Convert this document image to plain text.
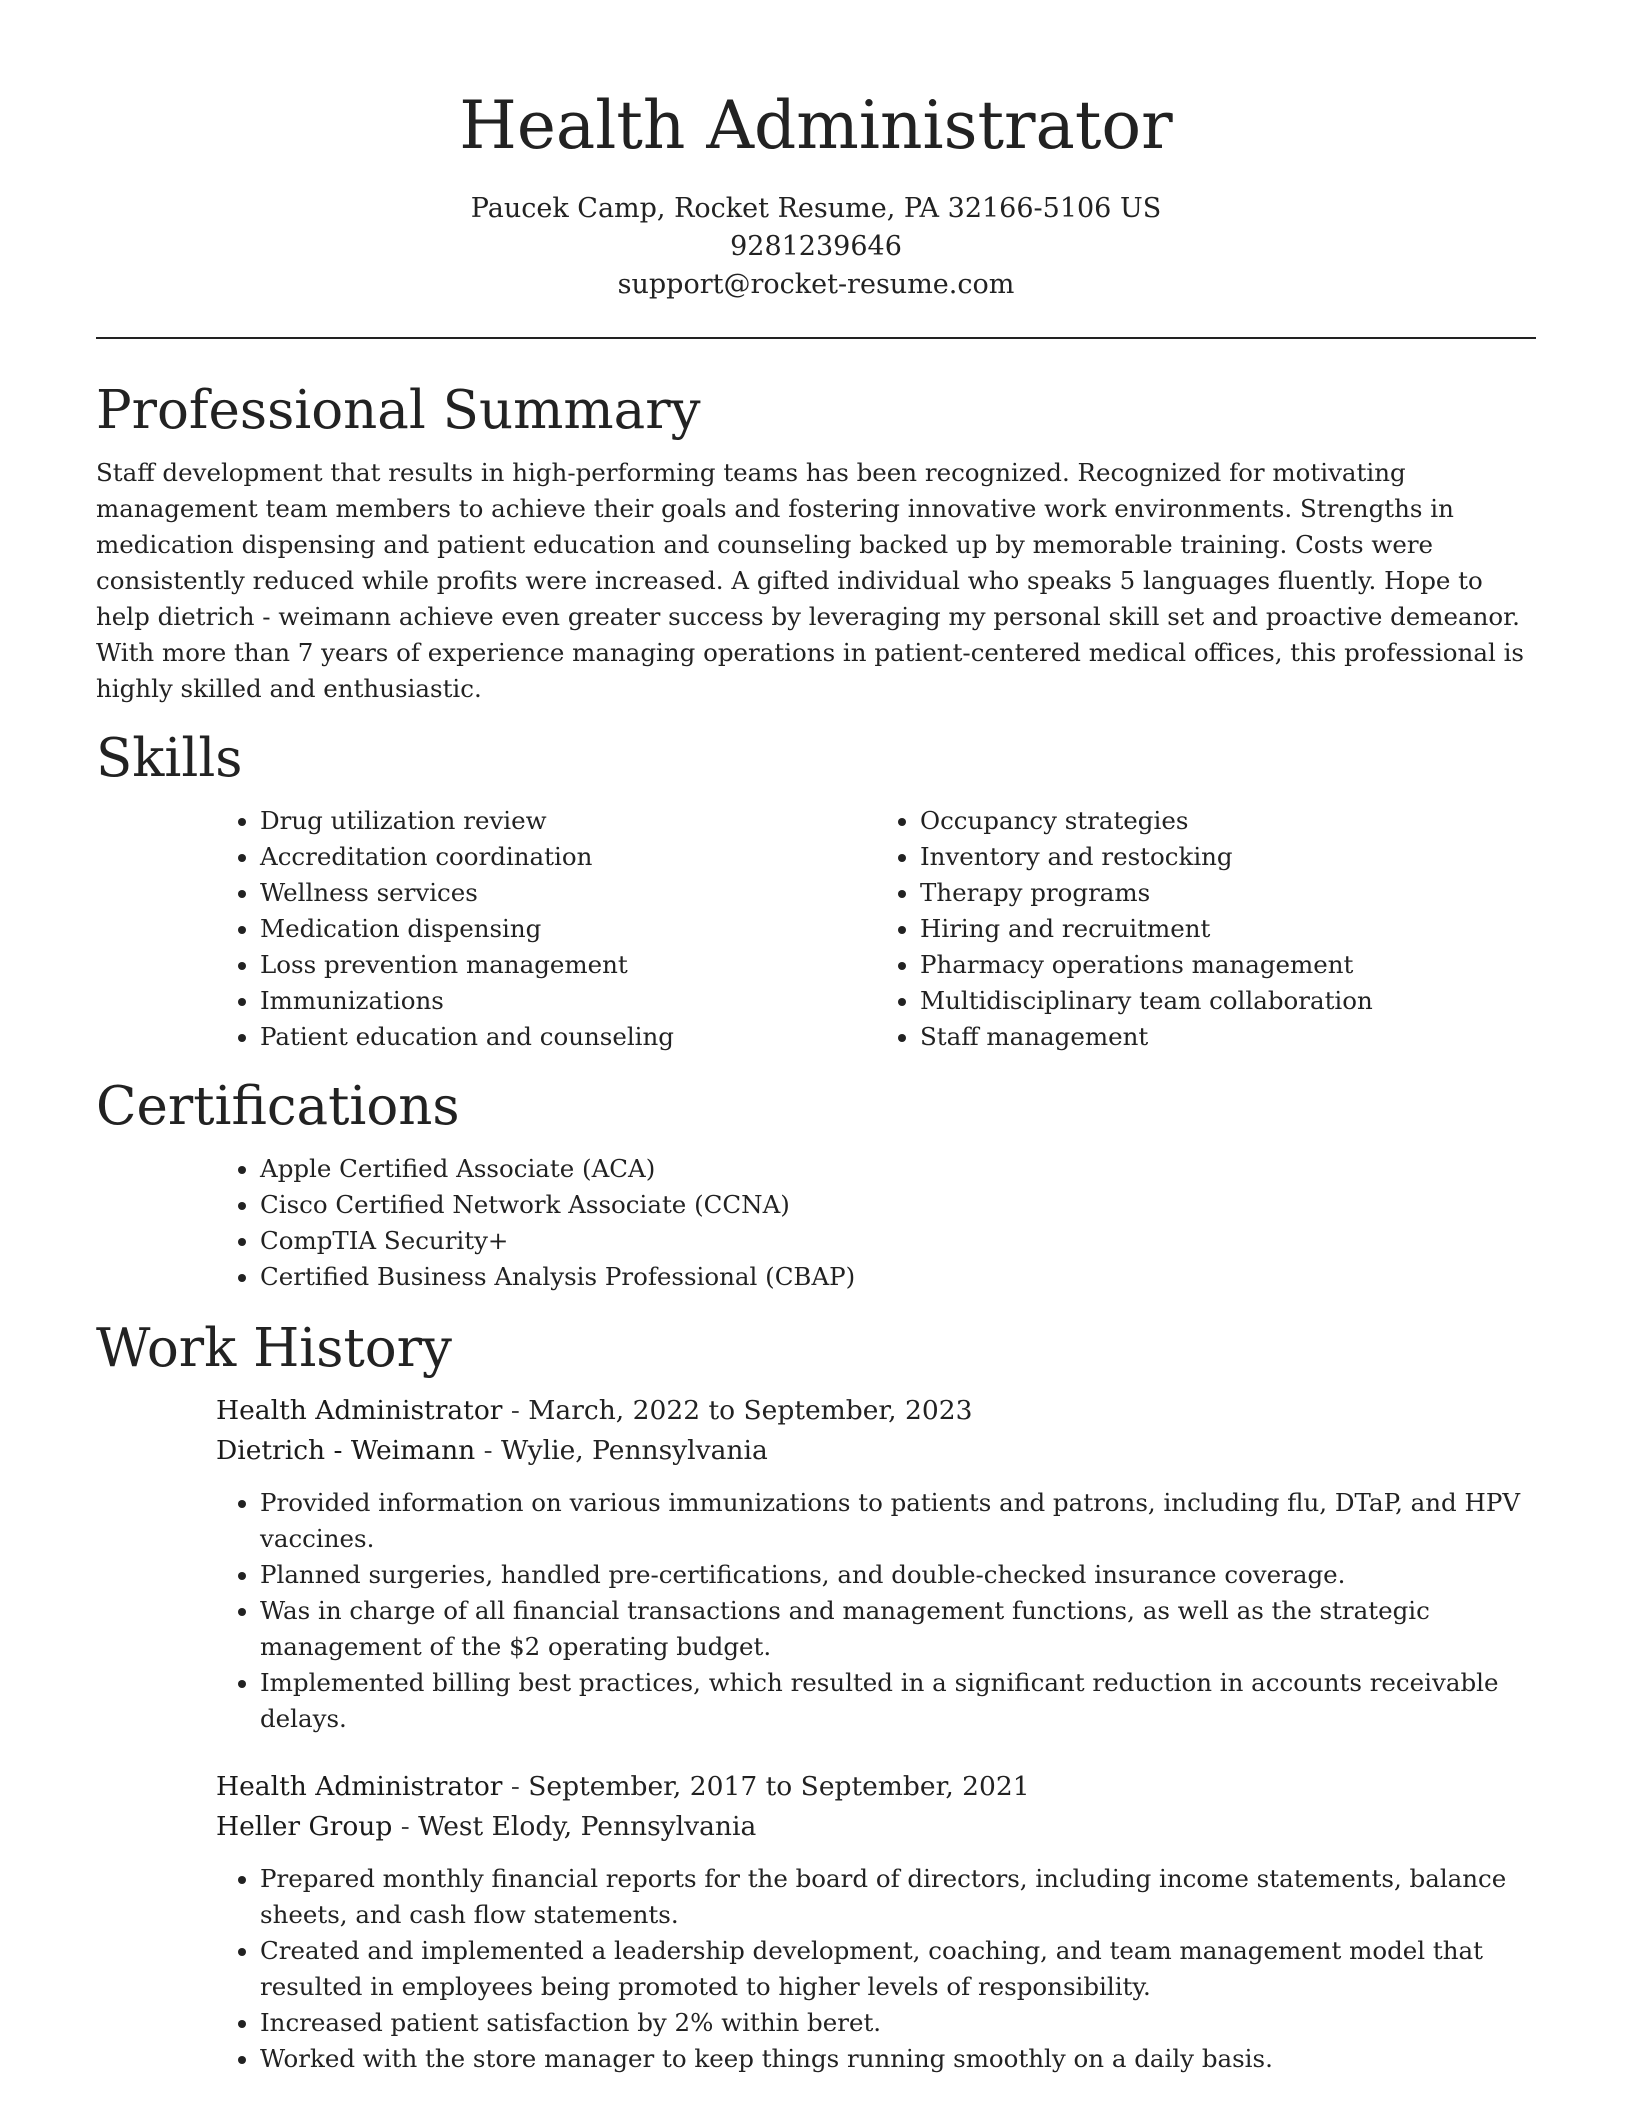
Health Administrator
Paucek Camp, Rocket Resume, PA 32166-5106 US
9281239646
support@rocket-resume.com
Professional Summary

Staff development that results in high-performing teams has been recognized. Recognized for motivating management team members to achieve their goals and fostering innovative work environments. Strengths in medication dispensing and patient education and counseling backed up by memorable training. Costs were consistently reduced while profits were increased. A gifted individual who speaks 5 languages fluently. Hope to help dietrich - weimann achieve even greater success by leveraging my personal skill set and proactive demeanor. With more than 7 years of experience managing operations in patient-centered medical offices, this professional is highly skilled and enthusiastic.

Skills
• Drug utilization review
• Accreditation coordination
• Wellness services
• Medication dispensing
• Loss prevention management
• Immunizations
• Patient education and counseling
• Occupancy strategies
• Inventory and restocking
• Therapy programs
• Hiring and recruitment
• Pharmacy operations management
• Multidisciplinary team collaboration
• Staff management
Certifications
• Apple Certified Associate (ACA)
• Cisco Certified Network Associate (CCNA)
• CompTIA Security+
• Certified Business Analysis Professional (CBAP)
Work History
Health Administrator - March, 2022 to September, 2023
Dietrich - Weimann - Wylie, Pennsylvania
• Provided information on various immunizations to patients and patrons, including flu, DTaP, and HPV vaccines.
• Planned surgeries, handled pre-certifications, and double-checked insurance coverage.
• Was in charge of all financial transactions and management functions, as well as the strategic management of the $2 operating budget.
• Implemented billing best practices, which resulted in a significant reduction in accounts receivable delays.
Health Administrator - September, 2017 to September, 2021
Heller Group - West Elody, Pennsylvania
• Prepared monthly financial reports for the board of directors, including income statements, balance sheets, and cash flow statements.
• Created and implemented a leadership development, coaching, and team management model that resulted in employees being promoted to higher levels of responsibility.
• Increased patient satisfaction by 2% within beret.
• Worked with the store manager to keep things running smoothly on a daily basis.
